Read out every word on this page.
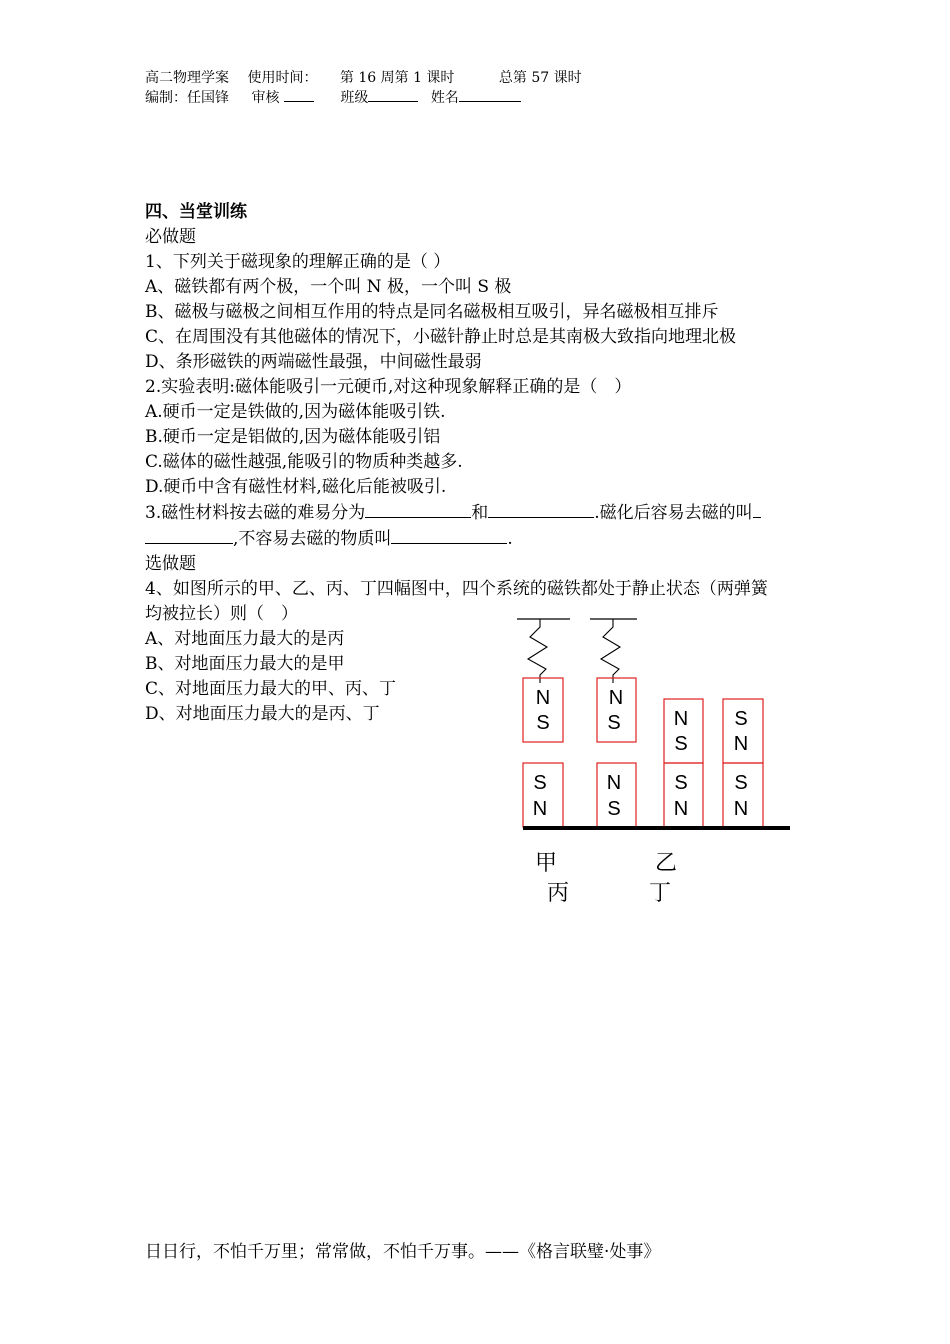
高二物理学案 使用时间： 第 16 周第 1 课时	总第 57 课时
编制：任国锋 审核	班级	姓名
四、当堂训练
必做题
1、下列关于磁现象的理解正确的是（ ）
A、磁铁都有两个极，一个叫 N 极，一个叫 S 极
B、磁极与磁极之间相互作用的特点是同名磁极相互吸引，异名磁极相互排斥
C、在周围没有其他磁体的情况下，小磁针静止时总是其南极大致指向地理北极
D、条形磁铁的两端磁性最强，中间磁性最弱
2.实验表明:磁体能吸引一元硬币,对这种现象解释正确的是（　）
A.硬币一定是铁做的,因为磁体能吸引铁.
B.硬币一定是铝做的,因为磁体能吸引铝
C.磁体的磁性越强,能吸引的物质种类越多.
D.硬币中含有磁性材料,磁化后能被吸引.
3.磁性材料按去磁的难易分为	和	.磁化后容易去磁的叫
,不容易去磁的物质叫	.
选做题
4、如图所示的甲、乙、丙、丁四幅图中，四个系统的磁铁都处于静止状态（两弹簧
均被拉长）则（　）
A、对地面压力最大的是丙
B、对地面压力最大的是甲
C、对地面压力最大的甲、丙、丁
D、对地面压力最大的是丙、丁
N
S
S
N
N
S
N
S
N
S
S
N
S
N
S
N
甲	乙
丙	丁
日日行，不怕千万里；常常做，不怕千万事。——《格言联璧·处事》
